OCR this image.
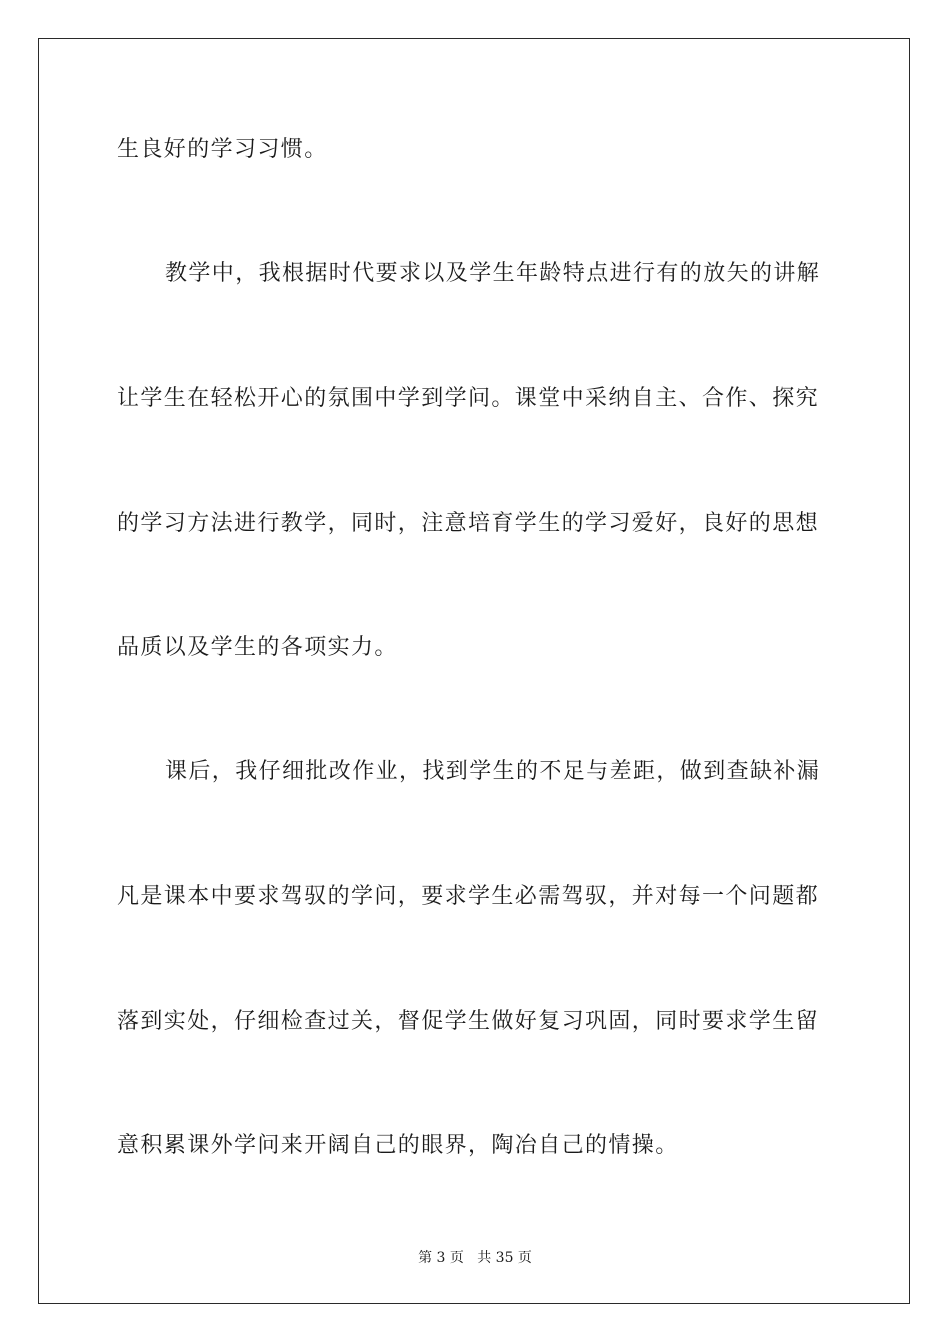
生良好的学习习惯。
教学中，我根据时代要求以及学生年龄特点进行有的放矢的讲解
让学生在轻松开心的氛围中学到学问。课堂中采纳自主、合作、探究
的学习方法进行教学，同时，注意培育学生的学习爱好，良好的思想
品质以及学生的各项实力。
课后，我仔细批改作业，找到学生的不足与差距，做到查缺补漏
凡是课本中要求驾驭的学问，要求学生必需驾驭，并对每一个问题都
落到实处，仔细检查过关，督促学生做好复习巩固，同时要求学生留
意积累课外学问来开阔自己的眼界，陶冶自己的情操。
第 3 页   共 35 页
